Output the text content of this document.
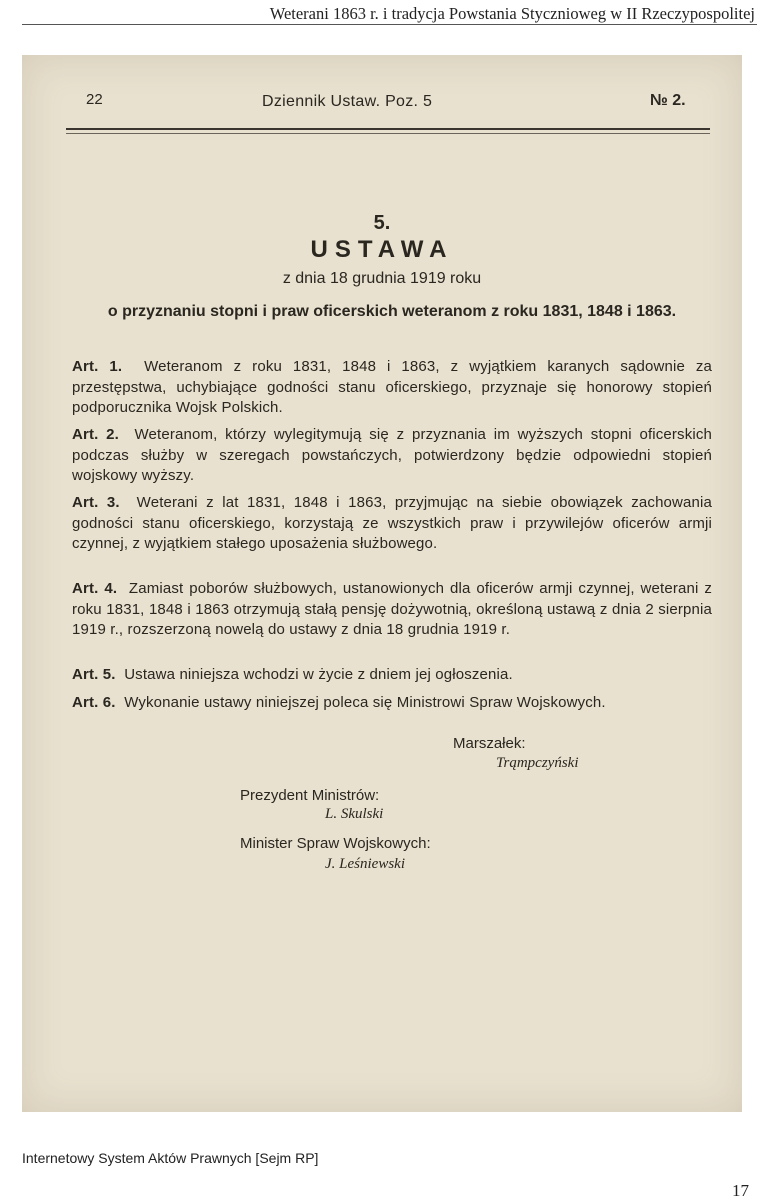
Weterani 1863 r. i tradycja Powstania Stycznioweg w II Rzeczypospolitej
22	Dziennik Ustaw. Poz. 5	№ 2.
5.
USTAWA
z dnia 18 grudnia 1919 roku
o przyznaniu stopni i praw oficerskich weteranom z roku 1831, 1848 i 1863.
Art. 1. Weteranom z roku 1831, 1848 i 1863, z wyjątkiem karanych sądownie za przestępstwa, uchybiające godności stanu oficerskiego, przyznaje się honorowy stopień podporucznika Wojsk Polskich.
Art. 2. Weteranom, którzy wylegitymują się z przyznania im wyższych stopni oficerskich podczas służby w szeregach powstańczych, potwierdzony będzie odpowiedni stopień wojskowy wyższy.
Art. 3. Weterani z lat 1831, 1848 i 1863, przyjmując na siebie obowiązek zachowania godności stanu oficerskiego, korzystają ze wszystkich praw i przywilejów oficerów armji czynnej, z wyjątkiem stałego uposażenia służbowego.
Art. 4. Zamiast poborów służbowych, ustanowionych dla oficerów armji czynnej, weterani z roku 1831, 1848 i 1863 otrzymują stałą pensję dożywotnią, określoną ustawą z dnia 2 sierpnia 1919 r., rozszerzoną nowelą do ustawy z dnia 18 grudnia 1919 r.
Art. 5. Ustawa niniejsza wchodzi w życie z dniem jej ogłoszenia.
Art. 6. Wykonanie ustawy niniejszej poleca się Ministrowi Spraw Wojskowych.
Marszałek:
Trąmpczyński
Prezydent Ministrów:
L. Skulski
Minister Spraw Wojskowych:
J. Leśniewski
Internetowy System Aktów Prawnych [Sejm RP]
17
